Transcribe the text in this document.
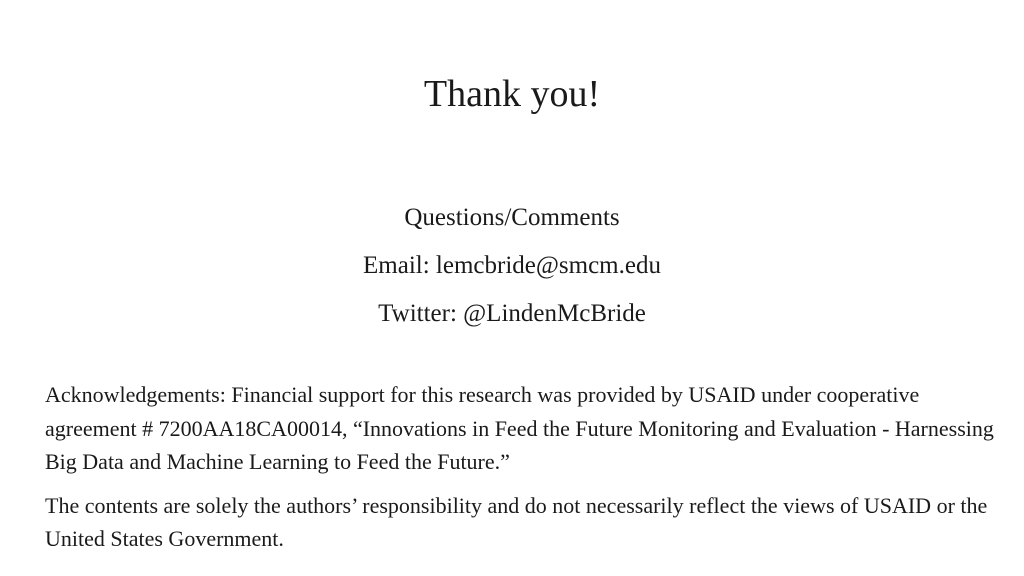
Thank you!
Questions/Comments
Email: lemcbride@smcm.edu
Twitter: @LindenMcBride

Acknowledgements: Financial support for this research was provided by USAID under cooperative agreement # 7200AA18CA00014, “Innovations in Feed the Future Monitoring and Evaluation - Harnessing Big Data and Machine Learning to Feed the Future.”

The contents are solely the authors’ responsibility and do not necessarily reflect the views of USAID or the United States Government.
